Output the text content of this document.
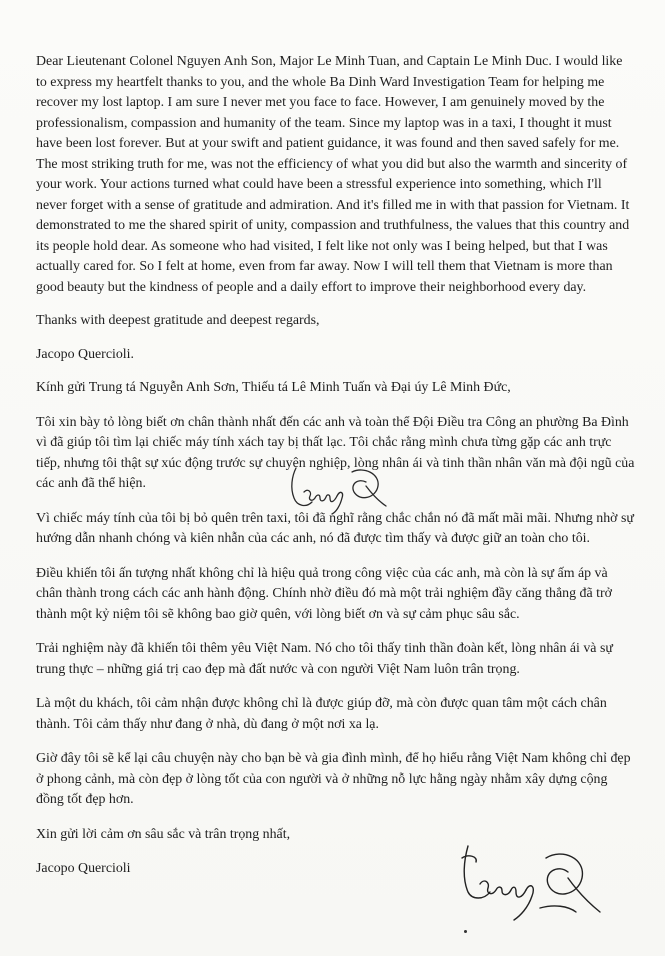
Dear Lieutenant Colonel Nguyen Anh Son, Major Le Minh Tuan, and Captain Le Minh Duc. I would like to express my heartfelt thanks to you, and the whole Ba Dinh Ward Investigation Team for helping me recover my lost laptop. I am sure I never met you face to face. However, I am genuinely moved by the professionalism, compassion and humanity of the team. Since my laptop was in a taxi, I thought it must have been lost forever. But at your swift and patient guidance, it was found and then saved safely for me. The most striking truth for me, was not the efficiency of what you did but also the warmth and sincerity of your work. Your actions turned what could have been a stressful experience into something, which I'll never forget with a sense of gratitude and admiration. And it's filled me in with that passion for Vietnam. It demonstrated to me the shared spirit of unity, compassion and truthfulness, the values that this country and its people hold dear. As someone who had visited, I felt like not only was I being helped, but that I was actually cared for. So I felt at home, even from far away. Now I will tell them that Vietnam is more than good beauty but the kindness of people and a daily effort to improve their neighborhood every day.

Thanks with deepest gratitude and deepest regards,

Jacopo Quercioli.

Kính gửi Trung tá Nguyễn Anh Sơn, Thiếu tá Lê Minh Tuấn và Đại úy Lê Minh Đức,

Tôi xin bày tỏ lòng biết ơn chân thành nhất đến các anh và toàn thể Đội Điều tra Công an phường Ba Đình vì đã giúp tôi tìm lại chiếc máy tính xách tay bị thất lạc. Tôi chắc rằng mình chưa từng gặp các anh trực tiếp, nhưng tôi thật sự xúc động trước sự chuyên nghiệp, lòng nhân ái và tinh thần nhân văn mà đội ngũ của các anh đã thể hiện.

Vì chiếc máy tính của tôi bị bỏ quên trên taxi, tôi đã nghĩ rằng chắc chắn nó đã mất mãi mãi. Nhưng nhờ sự hướng dẫn nhanh chóng và kiên nhẫn của các anh, nó đã được tìm thấy và được giữ an toàn cho tôi.

Điều khiến tôi ấn tượng nhất không chỉ là hiệu quả trong công việc của các anh, mà còn là sự ấm áp và chân thành trong cách các anh hành động. Chính nhờ điều đó mà một trải nghiệm đầy căng thẳng đã trở thành một kỷ niệm tôi sẽ không bao giờ quên, với lòng biết ơn và sự cảm phục sâu sắc.

Trải nghiệm này đã khiến tôi thêm yêu Việt Nam. Nó cho tôi thấy tinh thần đoàn kết, lòng nhân ái và sự trung thực – những giá trị cao đẹp mà đất nước và con người Việt Nam luôn trân trọng.

Là một du khách, tôi cảm nhận được không chỉ là được giúp đỡ, mà còn được quan tâm một cách chân thành. Tôi cảm thấy như đang ở nhà, dù đang ở một nơi xa lạ.

Giờ đây tôi sẽ kể lại câu chuyện này cho bạn bè và gia đình mình, để họ hiểu rằng Việt Nam không chỉ đẹp ở phong cảnh, mà còn đẹp ở lòng tốt của con người và ở những nỗ lực hằng ngày nhằm xây dựng cộng đồng tốt đẹp hơn.

Xin gửi lời cảm ơn sâu sắc và trân trọng nhất,

Jacopo Quercioli
